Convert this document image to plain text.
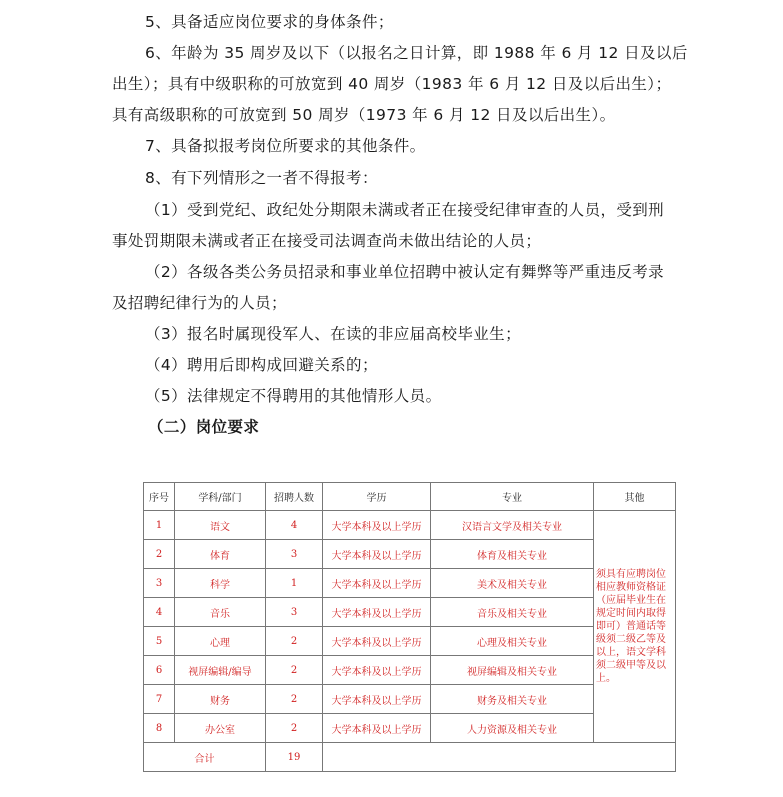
5、具备适应岗位要求的身体条件；
6、年龄为 35 周岁及以下（以报名之日计算，即 1988 年 6 月 12 日及以后
出生）；具有中级职称的可放宽到 40 周岁（1983 年 6 月 12 日及以后出生）；
具有高级职称的可放宽到 50 周岁（1973 年 6 月 12 日及以后出生）。
7、具备拟报考岗位所要求的其他条件。
8、有下列情形之一者不得报考：
（1）受到党纪、政纪处分期限未满或者正在接受纪律审查的人员，受到刑
事处罚期限未满或者正在接受司法调查尚未做出结论的人员；
（2）各级各类公务员招录和事业单位招聘中被认定有舞弊等严重违反考录
及招聘纪律行为的人员；
（3）报名时属现役军人、在读的非应届高校毕业生；
（4）聘用后即构成回避关系的；
（5）法律规定不得聘用的其他情形人员。
（二）岗位要求
序号	学科/部门	招聘人数	学历	专业	其他
1	语文	4	大学本科及以上学历	汉语言文学及相关专业	须具有应聘岗位相应教师资格证（应届毕业生在规定时间内取得即可）普通话等级须二级乙等及以上，语文学科须二级甲等及以上。
2	体育	3	大学本科及以上学历	体育及相关专业	
3	科学	1	大学本科及以上学历	美术及相关专业	
4	音乐	3	大学本科及以上学历	音乐及相关专业	
5	心理	2	大学本科及以上学历	心理及相关专业	
6	视屏编辑/编导	2	大学本科及以上学历	视屏编辑及相关专业	
7	财务	2	大学本科及以上学历	财务及相关专业	
8	办公室	2	大学本科及以上学历	人力资源及相关专业	
合计		19			
